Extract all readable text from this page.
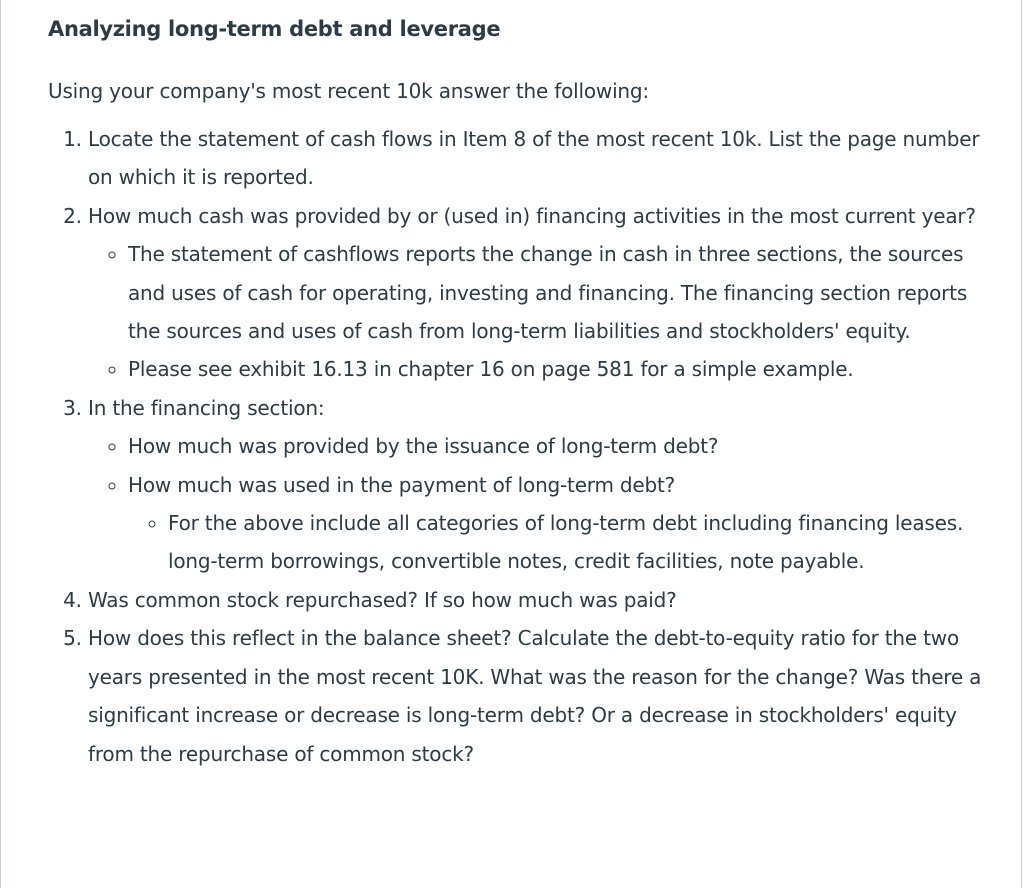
Analyzing long-term debt and leverage

Using your company's most recent 10k answer the following:

1. Locate the statement of cash flows in Item 8 of the most recent 10k. List the page number on which it is reported.
2. How much cash was provided by or (used in) financing activities in the most current year?
◦ The statement of cashflows reports the change in cash in three sections, the sources and uses of cash for operating, investing and financing. The financing section reports the sources and uses of cash from long-term liabilities and stockholders' equity.
◦ Please see exhibit 16.13 in chapter 16 on page 581 for a simple example.
3. In the financing section:
◦ How much was provided by the issuance of long-term debt?
◦ How much was used in the payment of long-term debt?
◦ For the above include all categories of long-term debt including financing leases. long-term borrowings, convertible notes, credit facilities, note payable.
4. Was common stock repurchased? If so how much was paid?
5. How does this reflect in the balance sheet? Calculate the debt-to-equity ratio for the two years presented in the most recent 10K. What was the reason for the change? Was there a significant increase or decrease is long-term debt? Or a decrease in stockholders' equity from the repurchase of common stock?
